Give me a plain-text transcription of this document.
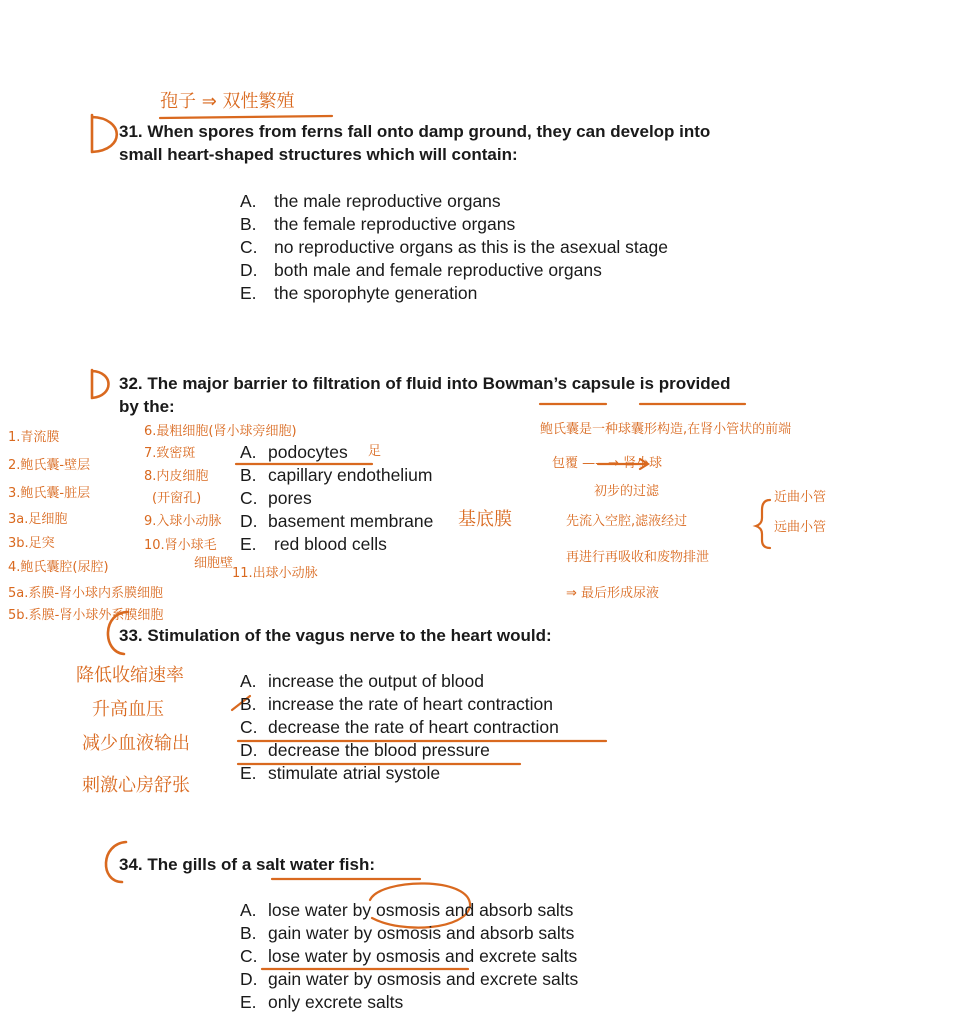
孢子 ⇒ 双性繁殖
1.青流膜
2.鲍氏囊-壁层
3.鲍氏囊-脏层
3a.足细胞
3b.足突
4.鲍氏囊腔(尿腔)
5a.系膜-肾小球内系膜细胞
5b.系膜-肾小球外系膜细胞
6.最粗细胞(肾小球旁细胞)
7.致密斑
8.内皮细胞
(开窗孔)
9.入球小动脉
10.肾小球毛
11.出球小动脉
细胞壁
足
基底膜
鲍氏囊是一种球囊形构造,在肾小管状的前端
包覆 ——→ 肾小球
初步的过滤
先流入空腔,滤液经过
再进行再吸收和废物排泄
⇒ 最后形成尿液
近曲小管
远曲小管
降低收缩速率
升高血压
减少血液输出
刺激心房舒张
31. When spores from ferns fall onto damp ground, they can develop into
small heart-shaped structures which will contain:
A. the male reproductive organs
B. the female reproductive organs
C. no reproductive organs as this is the asexual stage
D. both male and female reproductive organs
E. the sporophyte generation
32. The major barrier to filtration of fluid into Bowman’s capsule is provided
by the:
A. podocytes
B. capillary endothelium
C. pores
D. basement membrane
E. red blood cells
33. Stimulation of the vagus nerve to the heart would:
A. increase the output of blood
B. increase the rate of heart contraction
C. decrease the rate of heart contraction
D. decrease the blood pressure
E. stimulate atrial systole
34. The gills of a salt water fish:
A. lose water by osmosis and absorb salts
B. gain water by osmosis and absorb salts
C. lose water by osmosis and excrete salts
D. gain water by osmosis and excrete salts
E. only excrete salts
